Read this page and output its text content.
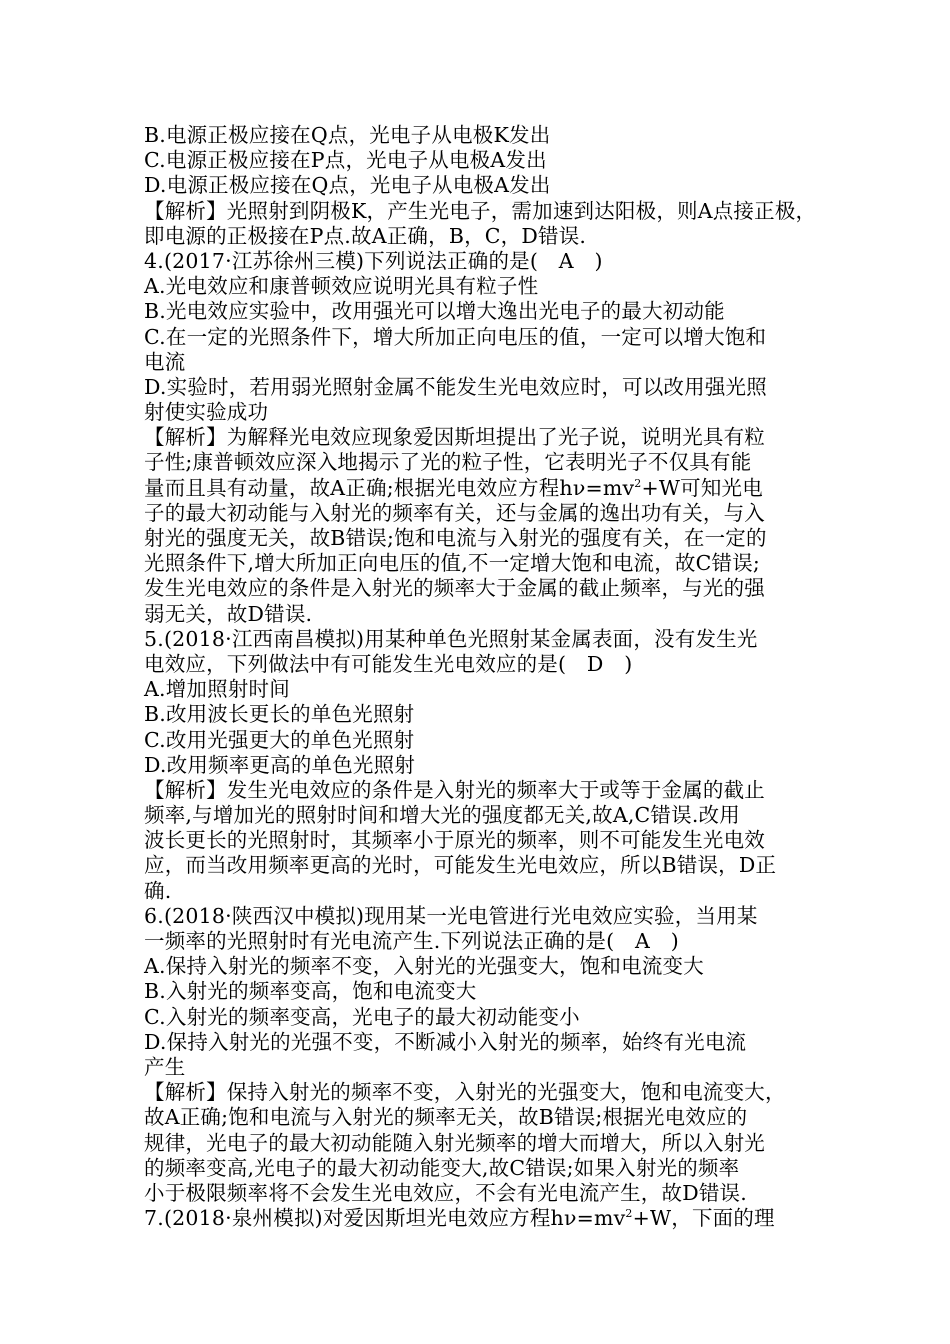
B.电源正极应接在Q点，光电子从电极K发出
C.电源正极应接在P点，光电子从电极A发出
D.电源正极应接在Q点，光电子从电极A发出
【解析】光照射到阴极K，产生光电子，需加速到达阳极，则A点接正极，
即电源的正极接在P点.故A正确，B，C，D错误.
4.(2017·江苏徐州三模)下列说法正确的是(　A　)
A.光电效应和康普顿效应说明光具有粒子性
B.光电效应实验中，改用强光可以增大逸出光电子的最大初动能
C.在一定的光照条件下，增大所加正向电压的值，一定可以增大饱和
电流
D.实验时，若用弱光照射金属不能发生光电效应时，可以改用强光照
射使实验成功
【解析】为解释光电效应现象爱因斯坦提出了光子说，说明光具有粒
子性;康普顿效应深入地揭示了光的粒子性，它表明光子不仅具有能
量而且具有动量，故A正确;根据光电效应方程$h\nu=mv^2+W$可知光电
子的最大初动能与入射光的频率有关，还与金属的逸出功有关，与入
射光的强度无关，故B错误;饱和电流与入射光的强度有关，在一定的
光照条件下,增大所加正向电压的值,不一定增大饱和电流，故C错误;
发生光电效应的条件是入射光的频率大于金属的截止频率，与光的强
弱无关，故D错误.
5.(2018·江西南昌模拟)用某种单色光照射某金属表面，没有发生光
电效应，下列做法中有可能发生光电效应的是(　D　)
A.增加照射时间
B.改用波长更长的单色光照射
C.改用光强更大的单色光照射
D.改用频率更高的单色光照射
【解析】发生光电效应的条件是入射光的频率大于或等于金属的截止
频率,与增加光的照射时间和增大光的强度都无关,故A,C错误.改用
波长更长的光照射时，其频率小于原光的频率，则不可能发生光电效
应，而当改用频率更高的光时，可能发生光电效应，所以B错误，D正
确.
6.(2018·陕西汉中模拟)现用某一光电管进行光电效应实验，当用某
一频率的光照射时有光电流产生.下列说法正确的是(　A　)
A.保持入射光的频率不变，入射光的光强变大，饱和电流变大
B.入射光的频率变高，饱和电流变大
C.入射光的频率变高，光电子的最大初动能变小
D.保持入射光的光强不变，不断减小入射光的频率，始终有光电流
产生
【解析】保持入射光的频率不变，入射光的光强变大，饱和电流变大，
故A正确;饱和电流与入射光的频率无关，故B错误;根据光电效应的
规律，光电子的最大初动能随入射光频率的增大而增大，所以入射光
的频率变高,光电子的最大初动能变大,故C错误;如果入射光的频率
小于极限频率将不会发生光电效应，不会有光电流产生，故D错误.
7.(2018·泉州模拟)对爱因斯坦光电效应方程$h\nu=mv^2+W$，下面的理
